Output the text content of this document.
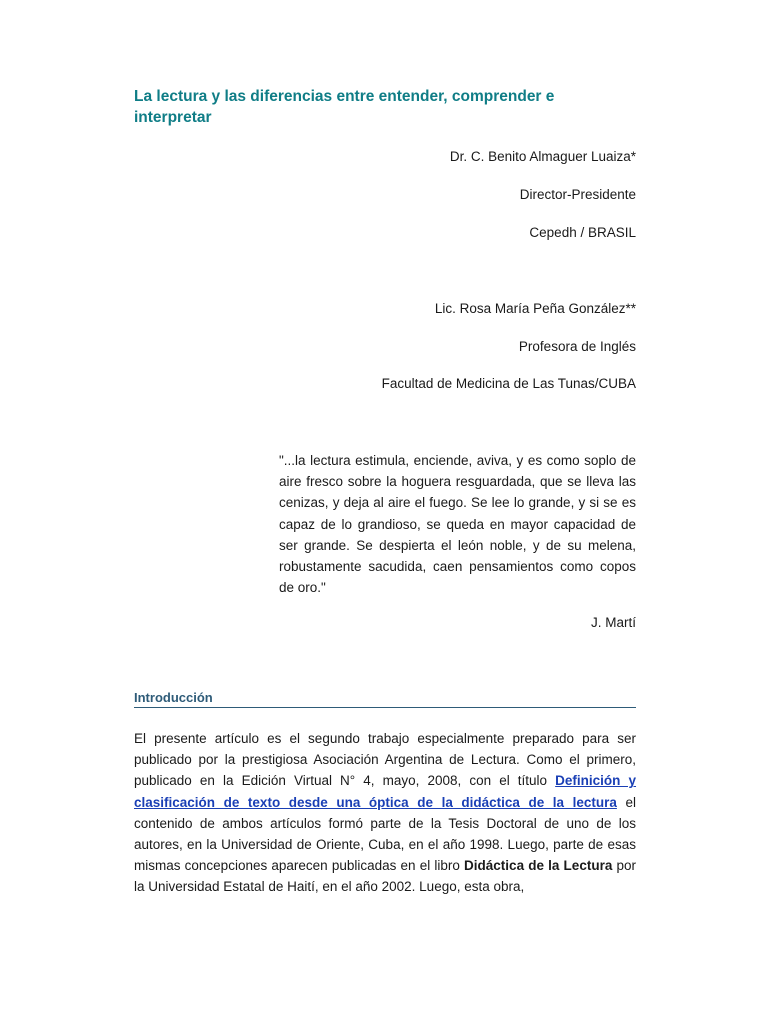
La lectura y las diferencias entre entender, comprender e interpretar
Dr. C. Benito Almaguer Luaiza*
Director-Presidente
Cepedh / BRASIL
Lic. Rosa María Peña González**
Profesora de Inglés
Facultad de Medicina de Las Tunas/CUBA

"...la lectura estimula, enciende, aviva, y es como soplo de aire fresco sobre la hoguera resguardada, que se lleva las cenizas, y deja al aire el fuego. Se lee lo grande, y si se es capaz de lo grandioso, se queda en mayor capacidad de ser grande. Se despierta el león noble, y de su melena, robustamente sacudida, caen pensamientos como copos de oro."

J. Martí
Introducción

El presente artículo es el segundo trabajo especialmente preparado para ser publicado por la prestigiosa Asociación Argentina de Lectura. Como el primero, publicado en la Edición Virtual N° 4, mayo, 2008, con el título Definición y clasificación de texto desde una óptica de la didáctica de la lectura el contenido de ambos artículos formó parte de la Tesis Doctoral de uno de los autores, en la Universidad de Oriente, Cuba, en el año 1998. Luego, parte de esas mismas concepciones aparecen publicadas en el libro Didáctica de la Lectura por la Universidad Estatal de Haití, en el año 2002. Luego, esta obra,
